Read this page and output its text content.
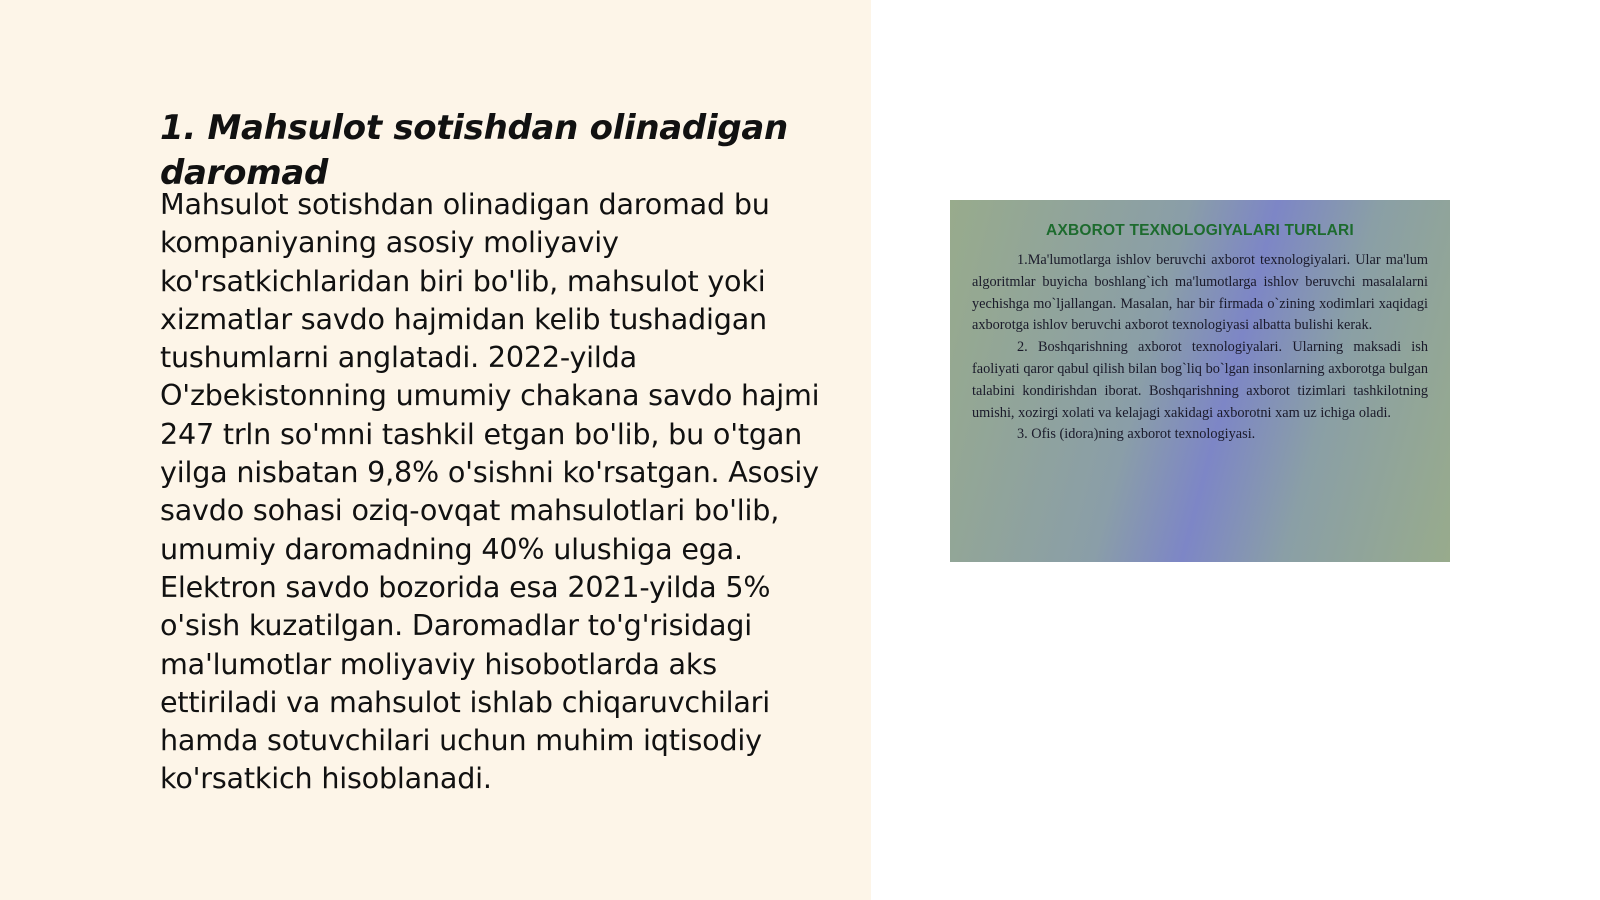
1. Mahsulot sotishdan olinadigan daromad

Mahsulot sotishdan olinadigan daromad bu kompaniyaning asosiy moliyaviy ko'rsatkichlaridan biri bo'lib, mahsulot yoki xizmatlar savdo hajmidan kelib tushadigan tushumlarni anglatadi. 2022-yilda O'zbekistonning umumiy chakana savdo hajmi 247 trln so'mni tashkil etgan bo'lib, bu o'tgan yilga nisbatan 9,8% o'sishni ko'rsatgan. Asosiy savdo sohasi oziq-ovqat mahsulotlari bo'lib, umumiy daromadning 40% ulushiga ega. Elektron savdo bozorida esa 2021-yilda 5% o'sish kuzatilgan. Daromadlar to'g'risidagi ma'lumotlar moliyaviy hisobotlarda aks ettiriladi va mahsulot ishlab chiqaruvchilari hamda sotuvchilari uchun muhim iqtisodiy ko'rsatkich hisoblanadi.

AXBOROT TEXNOLOGIYALARI TURLARI

1.Ma'lumotlarga ishlov beruvchi axborot texnologiyalari. Ular ma'lum algoritmlar buyicha boshlang`ich ma'lumotlarga ishlov beruvchi masalalarni yechishga mo`ljallangan. Masalan, har bir firmada o`zining xodimlari xaqidagi axborotga ishlov beruvchi axborot texnologiyasi albatta bulishi kerak.

2. Boshqarishning axborot texnologiyalari. Ularning maksadi ish faoliyati qaror qabul qilish bilan bog`liq bo`lgan insonlarning axborotga bulgan talabini kondirishdan iborat. Boshqarishning axborot tizimlari tashkilotning umishi, xozirgi xolati va kelajagi xakidagi axborotni xam uz ichiga oladi.

3. Ofis (idora)ning axborot texnologiyasi.
